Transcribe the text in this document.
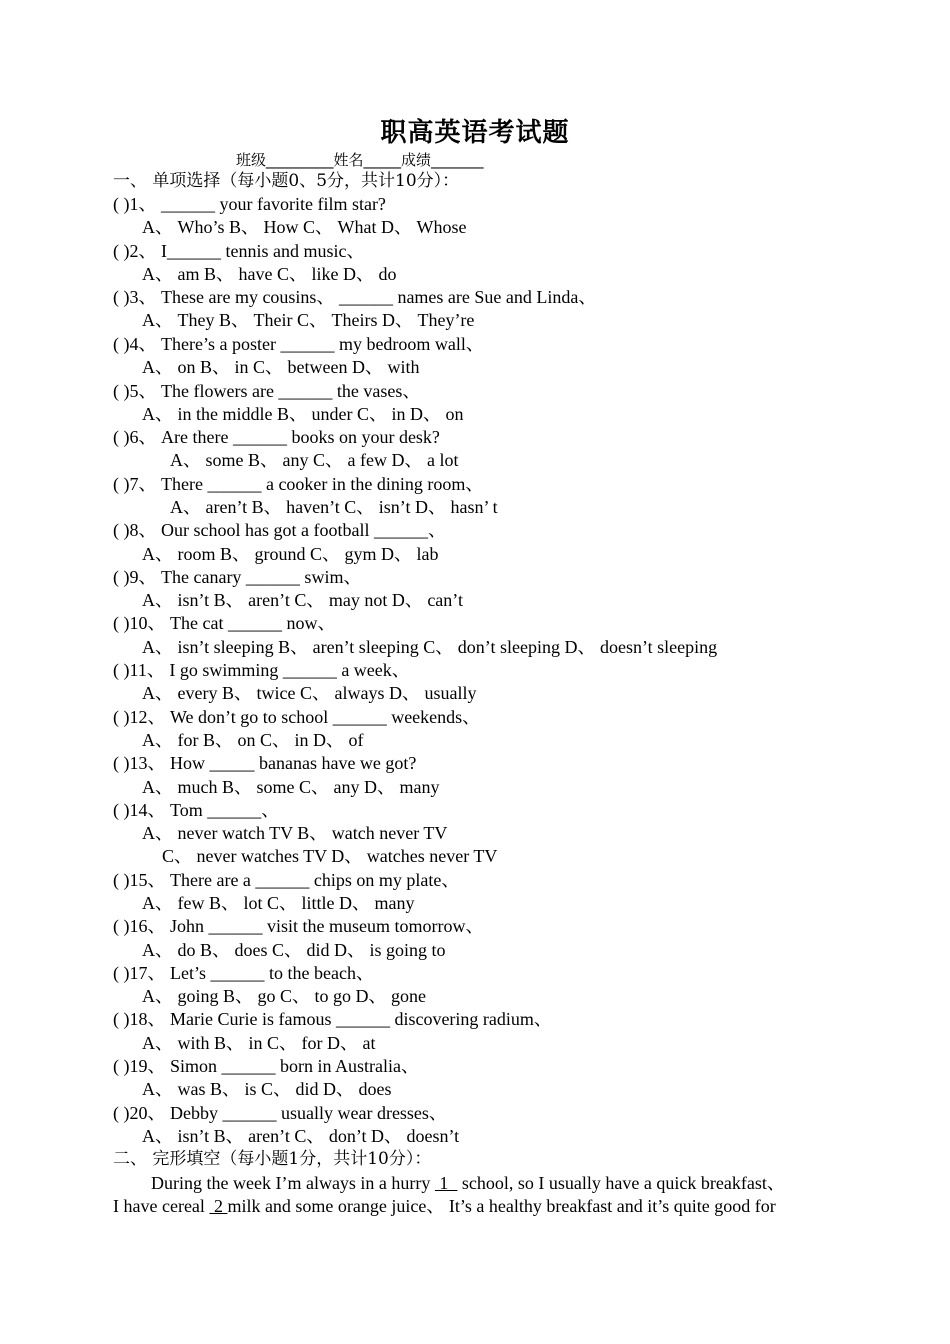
职高英语考试题
班级_________姓名_____成绩_______
一、 单项选择（每小题0、5分，共计10分）：
( )1、 ______ your favorite film star?
A、 Who’s B、 How C、 What D、 Whose
( )2、 I______ tennis and music、
A、 am B、 have C、 like D、 do
( )3、 These are my cousins、 ______ names are Sue and Linda、
A、 They B、 Their C、 Theirs D、 They’re
( )4、 There’s a poster ______ my bedroom wall、
A、 on B、 in C、 between D、 with
( )5、 The flowers are ______ the vases、
A、 in the middle B、 under C、 in D、 on
( )6、 Are there ______ books on your desk?
A、 some B、 any C、 a few D、 a lot
( )7、 There ______ a cooker in the dining room、
A、 aren’t B、 haven’t C、 isn’t D、 hasn’ t
( )8、 Our school has got a football ______、
A、 room B、 ground C、 gym D、 lab
( )9、 The canary ______ swim、
A、 isn’t B、 aren’t C、 may not D、 can’t
( )10、 The cat ______ now、
A、 isn’t sleeping B、 aren’t sleeping C、 don’t sleeping D、 doesn’t sleeping
( )11、 I go swimming ______ a week、
A、 every B、 twice C、 always D、 usually
( )12、 We don’t go to school ______ weekends、
A、 for B、 on C、 in D、 of
( )13、 How _____ bananas have we got?
A、 much B、 some C、 any D、 many
( )14、 Tom ______、
A、 never watch TV B、 watch never TV
C、 never watches TV D、 watches never TV
( )15、 There are a ______ chips on my plate、
A、 few B、 lot C、 little D、 many
( )16、 John ______ visit the museum tomorrow、
A、 do B、 does C、 did D、 is going to
( )17、 Let’s ______ to the beach、
A、 going B、 go C、 to go D、 gone
( )18、 Marie Curie is famous ______ discovering radium、
A、 with B、 in C、 for D、 at
( )19、 Simon ______ born in Australia、
A、 was B、 is C、 did D、 does
( )20、 Debby ______ usually wear dresses、
A、 isn’t B、 aren’t C、 don’t D、 doesn’t
二、 完形填空（每小题1分，共计10分）：
During the week I’m always in a hurry  1   school, so I usually have a quick breakfast、
I have cereal  2 milk and some orange juice、 It’s a healthy breakfast and it’s quite good for
